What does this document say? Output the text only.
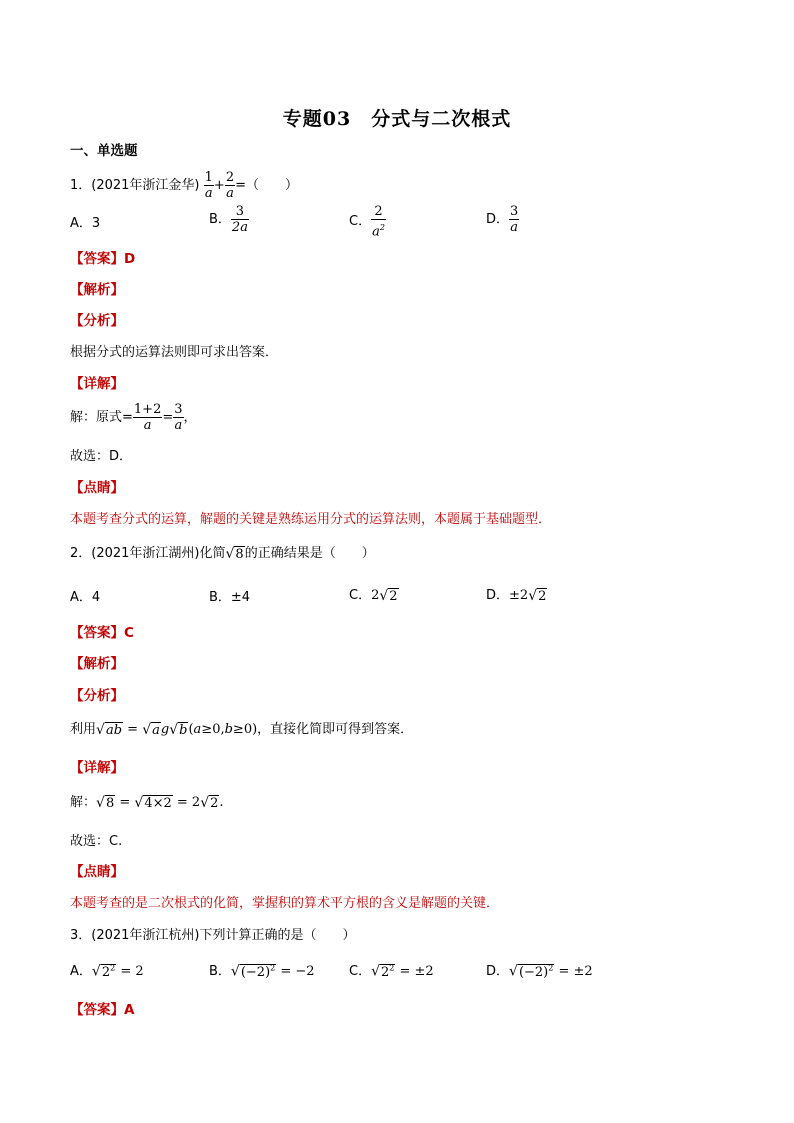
专题03　分式与二次根式
一、单选题
1．(2021年浙江金华) $\frac{1}{a} + \frac{2}{a}$ =（　　）
A．3	B． $\frac{3}{2a}$	C． $\frac{2}{a^2}$	D． $\frac{3}{a}$
【答案】D
【解析】
【分析】
根据分式的运算法则即可求出答案．
【详解】
解：原式= $\frac{1+2}{a} = \frac{3}{a}$ ，
故选：D．
【点睛】
本题考查分式的运算，解题的关键是熟练运用分式的运算法则，本题属于基础题型．
2．(2021年浙江湖州)化简√8的正确结果是（　　）
A．4	B．±4	C．2√2	D．±2√2
【答案】C
【解析】
【分析】
利用√ab = √ag√b(a≥0,b≥0)，直接化简即可得到答案．
【详解】
解：√8 = √4×2 = 2√2.
故选：C.
【点睛】
本题考查的是二次根式的化简，掌握积的算术平方根的含义是解题的关键．
3．(2021年浙江杭州)下列计算正确的是（　　）
A．$√2^2 = 2$	B．$√(-2)^2 = -2$	C．$√2^2 = \pm 2$	D．$√(-2)^2 = \pm 2$
【答案】A
